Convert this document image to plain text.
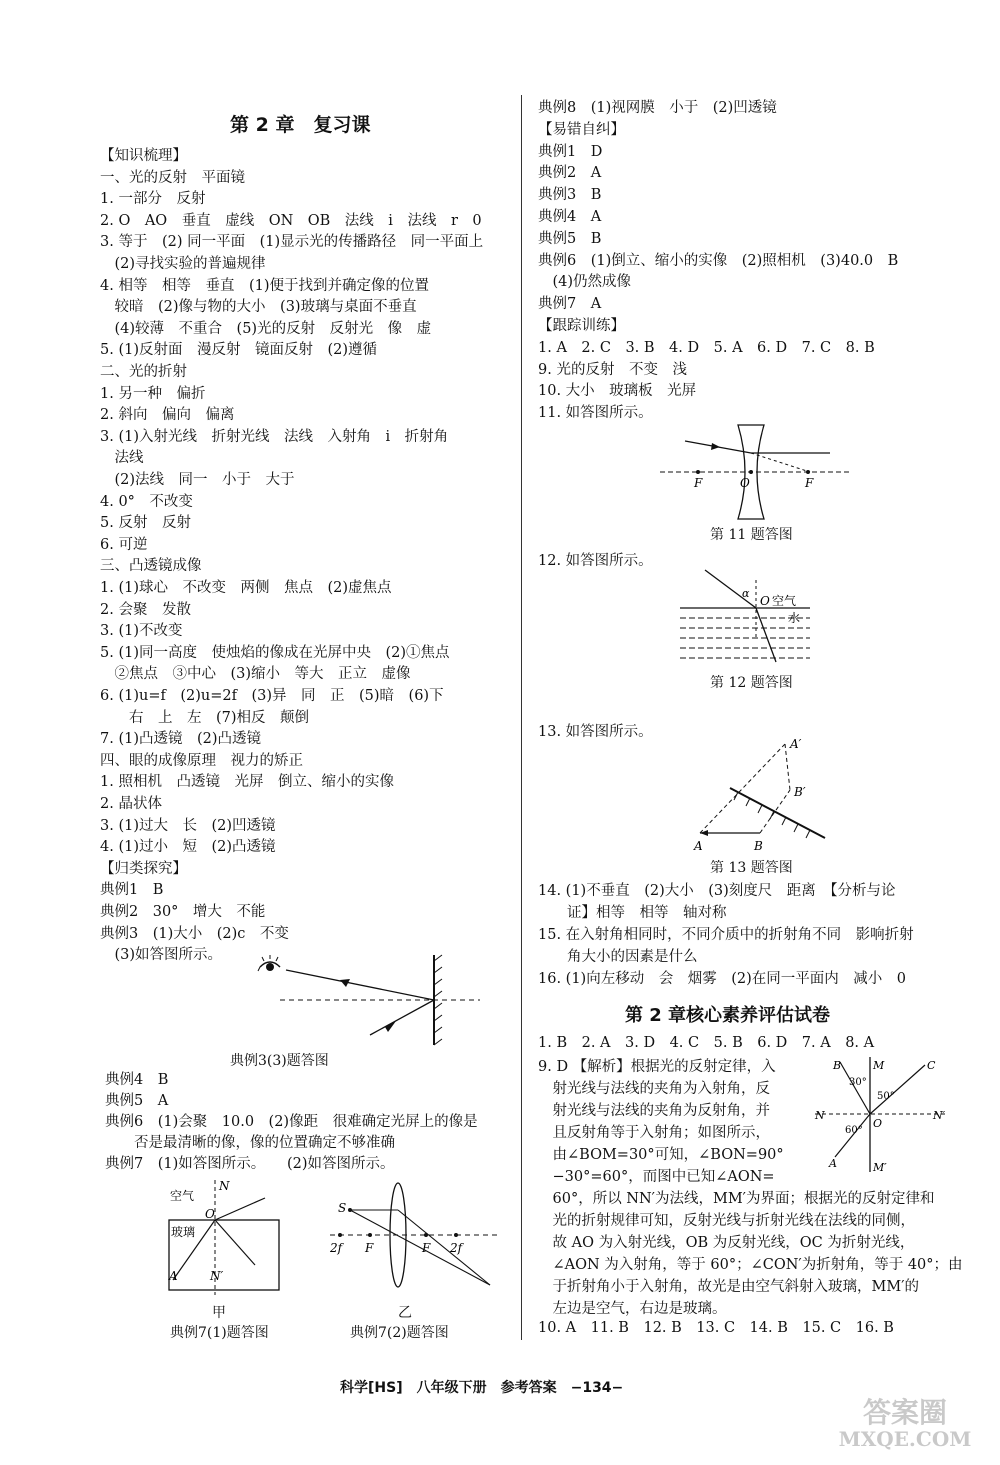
第 2 章　复习课
【知识梳理】
一、光的反射　平面镜
1. 一部分　反射
2. O　AO　垂直　虚线　ON　OB　法线　i　法线　r　0
3. 等于　(2) 同一平面　(1)显示光的传播路径　同一平面上
　(2)寻找实验的普遍规律
4. 相等　相等　垂直　(1)便于找到并确定像的位置
　较暗　(2)像与物的大小　(3)玻璃与桌面不垂直
　(4)较薄　不重合　(5)光的反射　反射光　像　虚
5. (1)反射面　漫反射　镜面反射　(2)遵循
二、光的折射
1. 另一种　偏折
2. 斜向　偏向　偏离
3. (1)入射光线　折射光线　法线　入射角　i　折射角
　法线
　(2)法线　同一　小于　大于
4. 0°　不改变
5. 反射　反射
6. 可逆
三、凸透镜成像
1. (1)球心　不改变　两侧　焦点　(2)虚焦点
2. 会聚　发散
3. (1)不改变
5. (1)同一高度　使烛焰的像成在光屏中央　(2)①焦点
　②焦点　③中心　(3)缩小　等大　正立　虚像
6. (1)u=f　(2)u=2f　(3)异　同　正　(5)暗　(6)下
　　右　上　左　(7)相反　颠倒
7. (1)凸透镜　(2)凸透镜
四、眼的成像原理　视力的矫正
1. 照相机　凸透镜　光屏　倒立、缩小的实像
2. 晶状体
3. (1)过大　长　(2)凹透镜
4. (1)过小　短　(2)凸透镜
【归类探究】
典例1　B
典例2　30°　增大　不能
典例3　(1)大小　(2)c　不变
　(3)如答图所示。
典例3(3)题答图
典例4　B
典例5　A
典例6　(1)会聚　10.0　(2)像距　很难确定光屏上的像是
　　否是最清晰的像，像的位置确定不够准确
典例7　(1)如答图所示。　　(2)如答图所示。
空气
玻璃
N
O
A	N′
甲
典例7(1)题答图
S
2f F	F 2f
乙
典例7(2)题答图
典例8　(1)视网膜　小于　(2)凹透镜
【易错自纠】
典例1　D
典例2　A
典例3　B
典例4　A
典例5　B
典例6　(1)倒立、缩小的实像　(2)照相机　(3)40.0　B
　(4)仍然成像
典例7　A
【跟踪训练】
1. A　2. C　3. B　4. D　5. A　6. D　7. C　8. B
9. 光的反射　不变　浅
10. 大小　玻璃板　光屏
11. 如答图所示。
F	O	F
第 11 题答图
12. 如答图所示。
α
O 空气
水
第 12 题答图
13. 如答图所示。
A′
B′
A	B
第 13 题答图
14. (1)不垂直　(2)大小　(3)刻度尺　距离　【分析与论
　　证】相等　相等　轴对称
15. 在入射角相同时，不同介质中的折射角不同　影响折射
　　角大小的因素是什么
16. (1)向左移动　会　烟雾　(2)在同一平面内　减小　0
第 2 章核心素养评估试卷
1. B　2. A　3. D　4. C　5. B　6. D　7. A　8. A
9. D 【解析】根据光的反射定律，入
　射光线与法线的夹角为入射角，反
　射光线与法线的夹角为反射角，并
　且反射角等于入射角；如图所示，
　由∠BOM=30°可知，∠BON=90°
　−30°=60°，而图中已知∠AON=
　60°，所以 NN′为法线，MM′为界面；根据光的反射定律和
　光的折射规律可知，反射光线与折射光线在法线的同侧，
　故 AO 为入射光线，OB 为反射光线，OC 为折射光线，
　∠AON 为入射角，等于 60°；∠CON′为折射角，等于 40°；由
　于折射角小于入射角，故光是由空气斜射入玻璃，MM′的
　左边是空气，右边是玻璃。
B	M	C
30°
50°
N	N′
O
60°
A	M′
10. A　11. B　12. B　13. C　14. B　15. C　16. B
科学[HS]　八年级下册　参考答案　−134−
答案圈
MXQE.COM
